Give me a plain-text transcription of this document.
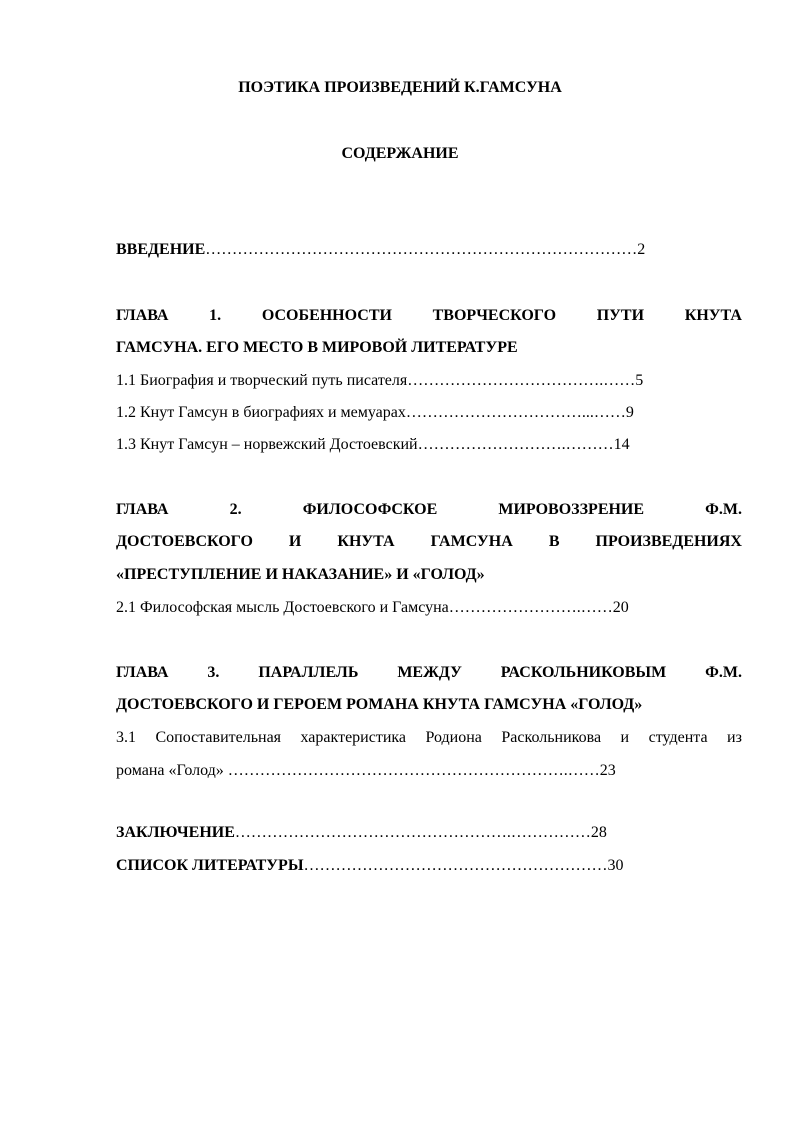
ПОЭТИКА ПРОИЗВЕДЕНИЙ К.ГАМСУНА
СОДЕРЖАНИЕ
ВВЕДЕНИЕ………………………………………………………………………2
ГЛАВА	1.	ОСОБЕННОСТИ	ТВОРЧЕСКОГО	ПУТИ	КНУТА
ГАМСУНА. ЕГО МЕСТО В МИРОВОЙ ЛИТЕРАТУРЕ
1.1 Биография и творческий путь писателя……………………………….……5
1.2 Кнут Гамсун в биографиях и мемуарах……………………………...……9
1.3 Кнут Гамсун – норвежский Достоевский……………………….………14
ГЛАВА	2.	ФИЛОСОФСКОЕ	МИРОВОЗЗРЕНИЕ	Ф.М.
ДОСТОЕВСКОГО И КНУТА ГАМСУНА В ПРОИЗВЕДЕНИЯХ
«ПРЕСТУПЛЕНИЕ И НАКАЗАНИЕ» И «ГОЛОД»
2.1 Философская мысль Достоевского и Гамсуна…………………….……20
ГЛАВА 3. ПАРАЛЛЕЛЬ МЕЖДУ РАСКОЛЬНИКОВЫМ Ф.М.
ДОСТОЕВСКОГО И ГЕРОЕМ РОМАНА КНУТА ГАМСУНА «ГОЛОД»
3.1 Сопоставительная характеристика Родиона Раскольникова и студента из
романа «Голод» ……………………………………………………….……23
ЗАКЛЮЧЕНИЕ…………………………………………….……………28
СПИСОК ЛИТЕРАТУРЫ…………………………………………………30
